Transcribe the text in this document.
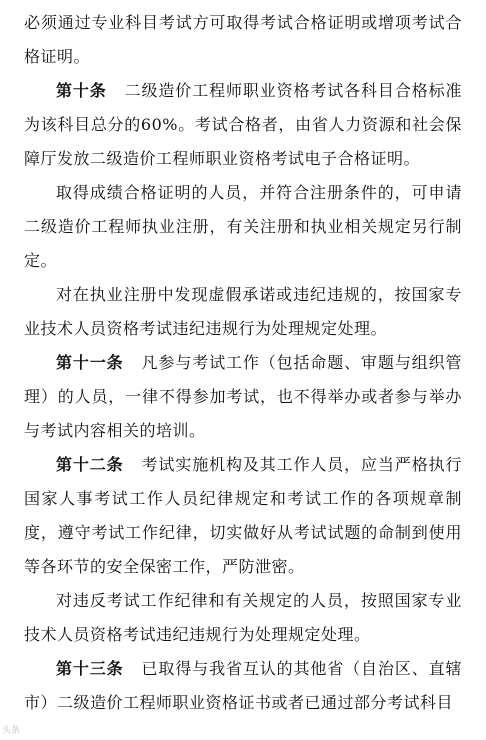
必须通过专业科目考试方可取得考试合格证明或增项考试合格证明。

第十条 二级造价工程师职业资格考试各科目合格标准为该科目总分的60%。考试合格者，由省人力资源和社会保障厅发放二级造价工程师职业资格考试电子合格证明。

取得成绩合格证明的人员，并符合注册条件的，可申请二级造价工程师执业注册，有关注册和执业相关规定另行制定。

对在执业注册中发现虚假承诺或违纪违规的，按国家专业技术人员资格考试违纪违规行为处理规定处理。

第十一条 凡参与考试工作（包括命题、审题与组织管理）的人员，一律不得参加考试，也不得举办或者参与举办与考试内容相关的培训。

第十二条 考试实施机构及其工作人员，应当严格执行国家人事考试工作人员纪律规定和考试工作的各项规章制度，遵守考试工作纪律，切实做好从考试试题的命制到使用等各环节的安全保密工作，严防泄密。

对违反考试工作纪律和有关规定的人员，按照国家专业技术人员资格考试违纪违规行为处理规定处理。

第十三条 已取得与我省互认的其他省（自治区、直辖市）二级造价工程师职业资格证书或者已通过部分考试科目

头条
